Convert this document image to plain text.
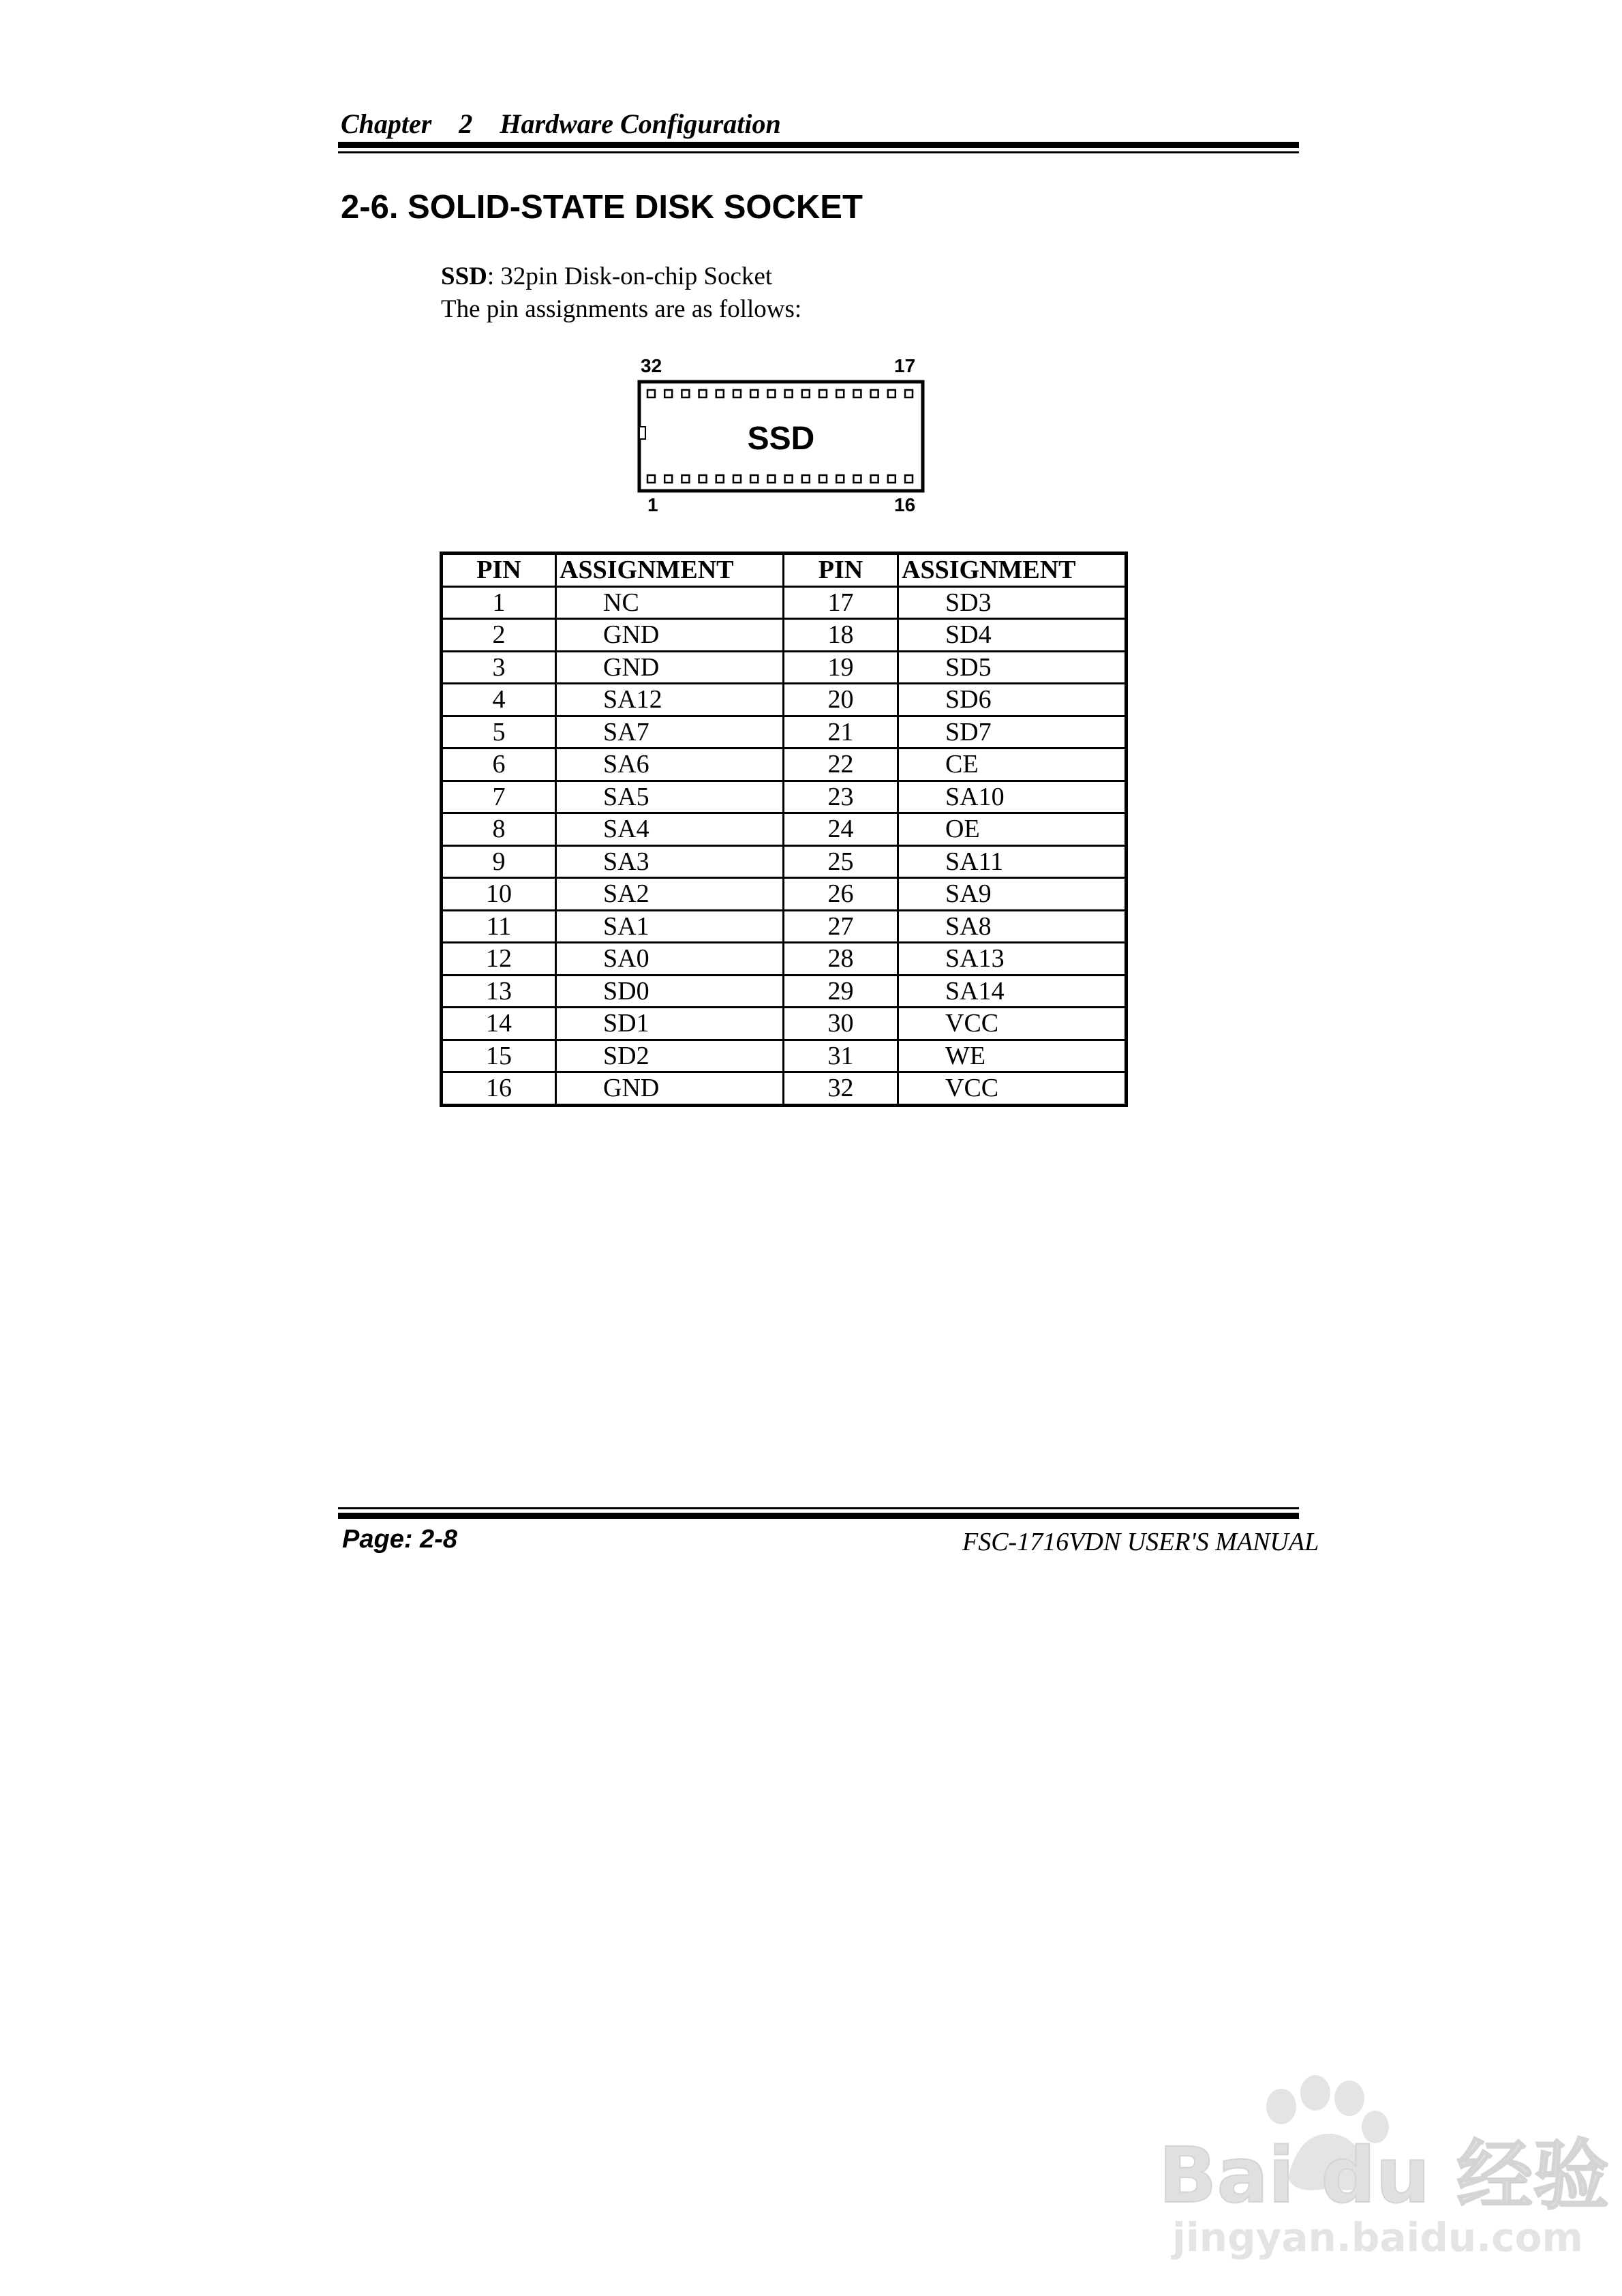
Chapter    2    Hardware Configuration
2-6. SOLID-STATE DISK SOCKET
SSD: 32pin Disk-on-chip Socket
The pin assignments are as follows:
32	17
SSD
1	16
PIN	ASSIGNMENT	PIN	ASSIGNMENT
1	NC	17	SD3
2	GND	18	SD4
3	GND	19	SD5
4	SA12	20	SD6
5	SA7	21	SD7
6	SA6	22	CE
7	SA5	23	SA10
8	SA4	24	OE
9	SA3	25	SA11
10	SA2	26	SA9
11	SA1	27	SA8
12	SA0	28	SA13
13	SD0	29	SA14
14	SD1	30	VCC
15	SD2	31	WE
16	GND	32	VCC
Page: 2-8	FSC-1716VDN USER'S MANUAL
Bai du 经验
jingyan.baidu.com
